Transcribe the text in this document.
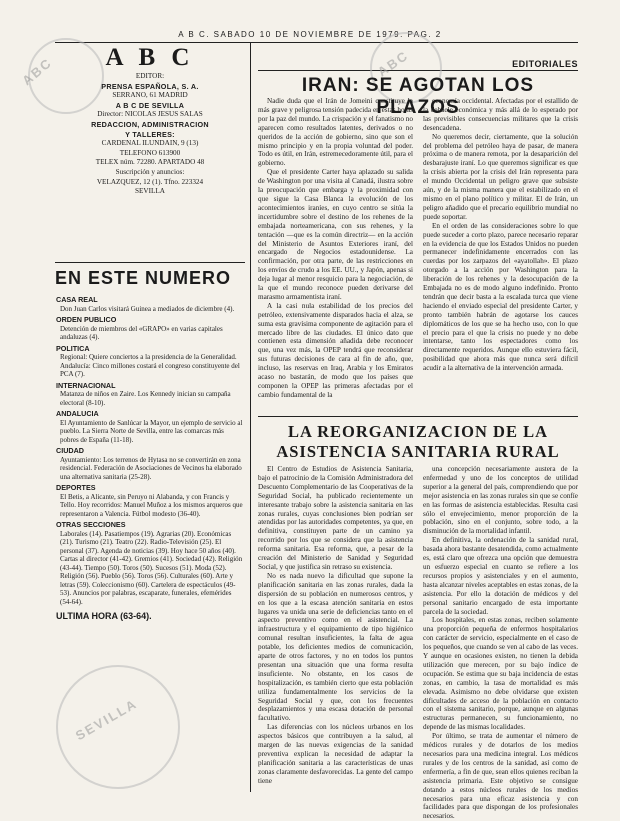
A B C. SABADO 10 DE NOVIEMBRE DE 1979. PAG. 2
ABC	ABC
SEVILLA
A B C
EDITOR:
PRENSA ESPAÑOLA, S. A.
SERRANO, 61 MADRID
A B C DE SEVILLA
Director: NICOLAS JESUS SALAS
REDACCION, ADMINISTRACION
Y TALLERES:
CARDENAL ILUNDAIN, 9 (13)
TELEFONO 613900
TELEX núm. 72280. APARTADO 48
Suscripción y anuncios:
VELAZQUEZ, 12 (1). Tfno. 223324
SEVILLA
EN ESTE NUMERO
CASA REAL
Don Juan Carlos visitará Guinea a mediados de diciembre (4).
ORDEN PUBLICO
Detención de miembros del «GRAPO» en varias capitales andaluzas (4).
POLITICA
Regional: Quiere conciertos a la presidencia de la Generalidad. Andalucía: Cinco millones costará el congreso constituyente del PCA (7).
INTERNACIONAL
Matanza de niños en Zaire. Los Kennedy inician su campaña electoral (8-10).
ANDALUCIA
El Ayuntamiento de Sanlúcar la Mayor, un ejemplo de servicio al pueblo. La Sierra Norte de Sevilla, entre las comarcas más pobres de España (11-18).
CIUDAD
Ayuntamiento: Los terrenos de Hytasa no se convertirán en zona residencial. Federación de Asociaciones de Vecinos ha elaborado una alternativa sanitaria (25-28).
DEPORTES
El Betis, a Alicante, sin Peruyo ni Alabanda, y con Francis y Tello. Hoy recorridos: Manuel Muñoz a los mismos arqueros que representaron a Valencia. Fútbol modesto (36-40).
OTRAS SECCIONES
Laborales (14). Pasatiempos (19). Agrarias (20). Económicas (21). Turismo (21). Teatro (22). Radio-Televisión (25). El personal (37). Agenda de noticias (39). Hoy hace 50 años (40). Cartas al director (41-42). Gremios (41). Sociedad (42). Religión (43-44). Tiempo (50). Toros (50). Sucesos (51). Moda (52). Religión (56). Pueblo (56). Toros (56). Culturales (60). Arte y letras (59). Coleccionismo (60). Cartelera de espectáculos (49-53). Anuncios por palabras, escaparate, funerales, efemérides (54-64).
ULTIMA HORA (63-64).
EDITORIALES
IRAN: SE AGOTAN LOS PLAZOS

Nadie duda que el Irán de Jomeini constituye la más grave y peligrosa tensión padecida en estas horas por la paz del mundo. La crispación y el fanatismo no aparecen como resultados latentes, derivados o no queridos de la acción de gobierno, sino que son el mismo principio y en la propia voluntad del poder. Todo es útil, en Irán, estremecedoramente útil, para el gobierno.

Que el presidente Carter haya aplazado su salida de Washington por una visita al Canadá, ilustra sobre la preocupación que embarga y la proximidad con que sigue la Casa Blanca la evolución de los acontecimientos iraníes, en cuyo centro se sitúa la incertidumbre sobre el destino de los rehenes de la embajada norteamericana, con sus rehenes, y la tentación —que es la común directriz— en la acción del Ministerio de Asuntos Exteriores iraní, del encargado de Negocios estadounidense. La confirmación, por otra parte, de las restricciones en los envíos de crudo a los EE. UU., y Japón, apenas si deja lugar al menor resquicio para la negociación, de la que el mundo reconoce pueden derivarse del marasmo armamentista iraní.

A la casi nula estabilidad de los precios del petróleo, extensivamente disparados hacia el alza, se suma esta gravísima componente de agitación para el mercado libre de las ciudades. El único dato que contienen esta dimensión añadida debe reconocer que, una vez más, la OPEP tendrá que reconsiderar sus futuras decisiones de cara al fin de año, que, incluso, las reservas en Iraq, Arabia y los Emiratos acaso no bastarán, de modo que los países que componen la OPEP las primeras afectadas por el cambio fundamental de la

economía occidental. Afectadas por el estallido de la debacle económica y más allá de lo esperado por las previsibles consecuencias militares que la crisis desencadena.

No queremos decir, ciertamente, que la solución del problema del petróleo haya de pasar, de manera próxima o de manera remota, por la desaparición del desbarajuste iraní. Lo que queremos significar es que la crisis abierta por la crisis del Irán representa para el mundo Occidental un peligro grave que subsiste aún, y de la misma manera que el estabilizado en el mismo en el plano político y militar. El de Irán, un peligro añadido que el precario equilibrio mundial no puede soportar.

En el orden de las consideraciones sobre lo que puede suceder a corto plazo, parece necesario reparar en la evidencia de que los Estados Unidos no pueden permanecer indefinidamente encerrados con las cuerdas por los zarpazos del «ayatollah». El plazo otorgado a la acción por Washington para la liberación de los rehenes y la desocupación de la Embajada no es de modo alguno indefinido. Pronto tendrán que decir basta a la escalada turca que viene haciendo el enviado especial del presidente Carter, y pronto también habrán de agotarse los cauces diplomáticos de los que se ha hecho uso, con lo que el precio para el que la crisis no puede y no debe intentarse, tanto los espectadores como los directamente requeridos. Aunque ello estuviera fácil, posibilidad que ahora más que nunca será difícil acudir a la alternativa de la intervención armada.

LA REORGANIZACION DE LA ASISTENCIA SANITARIA RURAL

El Centro de Estudios de Asistencia Sanitaria, bajo el patrocinio de la Comisión Administradora del Descuento Complementario de las Cooperativas de la Seguridad Social, ha publicado recientemente un interesante trabajo sobre la asistencia sanitaria en las zonas rurales, cuyas conclusiones bien podrían ser atendidas por las autoridades competentes, ya que, en definitiva, constituyen parte de un camino ya recorrido por los que se considera que la asistencia reforma sanitaria. Esa reforma, que, a pesar de la creación del Ministerio de Sanidad y Seguridad Social, y que justifica sin retraso su existencia.

No es nada nuevo la dificultad que supone la planificación sanitaria en las zonas rurales, dada la dispersión de su población en numerosos centros, y en los que a la escasa atención sanitaria en estos lugares va unida una serie de deficiencias tanto en el aspecto preventivo como en el asistencial. La infraestructura y el equipamiento de tipo higiénico comunal resultan insuficientes, la falta de agua potable, los deficientes medios de comunicación, aparte de otros factores, y no en todos los puntos presentan una situación que una forma resulta insuficiente. No obstante, en los casos de hospitalización, es también cierto que esta población utiliza fundamentalmente los servicios de la Seguridad Social y que, con los frecuentes desplazamientos y una escasa dotación de personal facultativo.

Las diferencias con los núcleos urbanos en los aspectos básicos que contribuyen a la salud, al margen de las nuevas exigencias de la sanidad preventiva explican la necesidad de adaptar la planificación sanitaria a las características de unas zonas claramente desfavorecidas. La gente del campo tiene

una concepción necesariamente austera de la enfermedad y uno de los conceptos de utilidad superior a la general del país, comprendiendo que por mejor asistencia en las zonas rurales sin que se confíe en las formas de asistencia establecidas. Resulta casi sólo el envejecimiento, menor proporción de la población, sino en el conjunto, sobre todo, a la disminución de la mortalidad infantil.

En definitiva, la ordenación de la sanidad rural, basada ahora bastante desatendida, como actualmente es, está claro que ofrezca una opción que demuestra un esfuerzo especial en cuanto se refiere a los recursos propios y asistenciales y en el aumento, hasta alcanzar niveles aceptables en estas zonas, de la asistencia. Por ello la dotación de médicos y del personal sanitario encargado de esta importante parcela de la sociedad.

Los hospitales, en estas zonas, reciben solamente una proporción pequeña de enfermos hospitalarios con carácter de servicio, especialmente en el caso de los pequeños, que cuando se ven al cabo de las veces. Y aunque en ocasiones existen, no tienen la debida utilización que merecen, por su bajo índice de ocupación. Se estima que su baja incidencia de estas zonas, en cambio, la tasa de mortalidad es más elevada. Asimismo no debe olvidarse que existen dificultades de acceso de la población en contacto con el sistema sanitario, porque, aunque en algunas estructuras permanecen, su funcionamiento, no depende de las mismas localidades.

Por último, se trata de aumentar el número de médicos rurales y de dotarlos de los medios necesarios para una medicina integral. Los médicos rurales y de los centros de la sanidad, así como de enfermería, a fin de que, sean ellos quienes reciban la asistencia primaria. Este objetivo se consigue dotando a estos núcleos rurales de los medios necesarios para una eficaz asistencia y con facilidades para que dispongan de los profesionales necesarios.
